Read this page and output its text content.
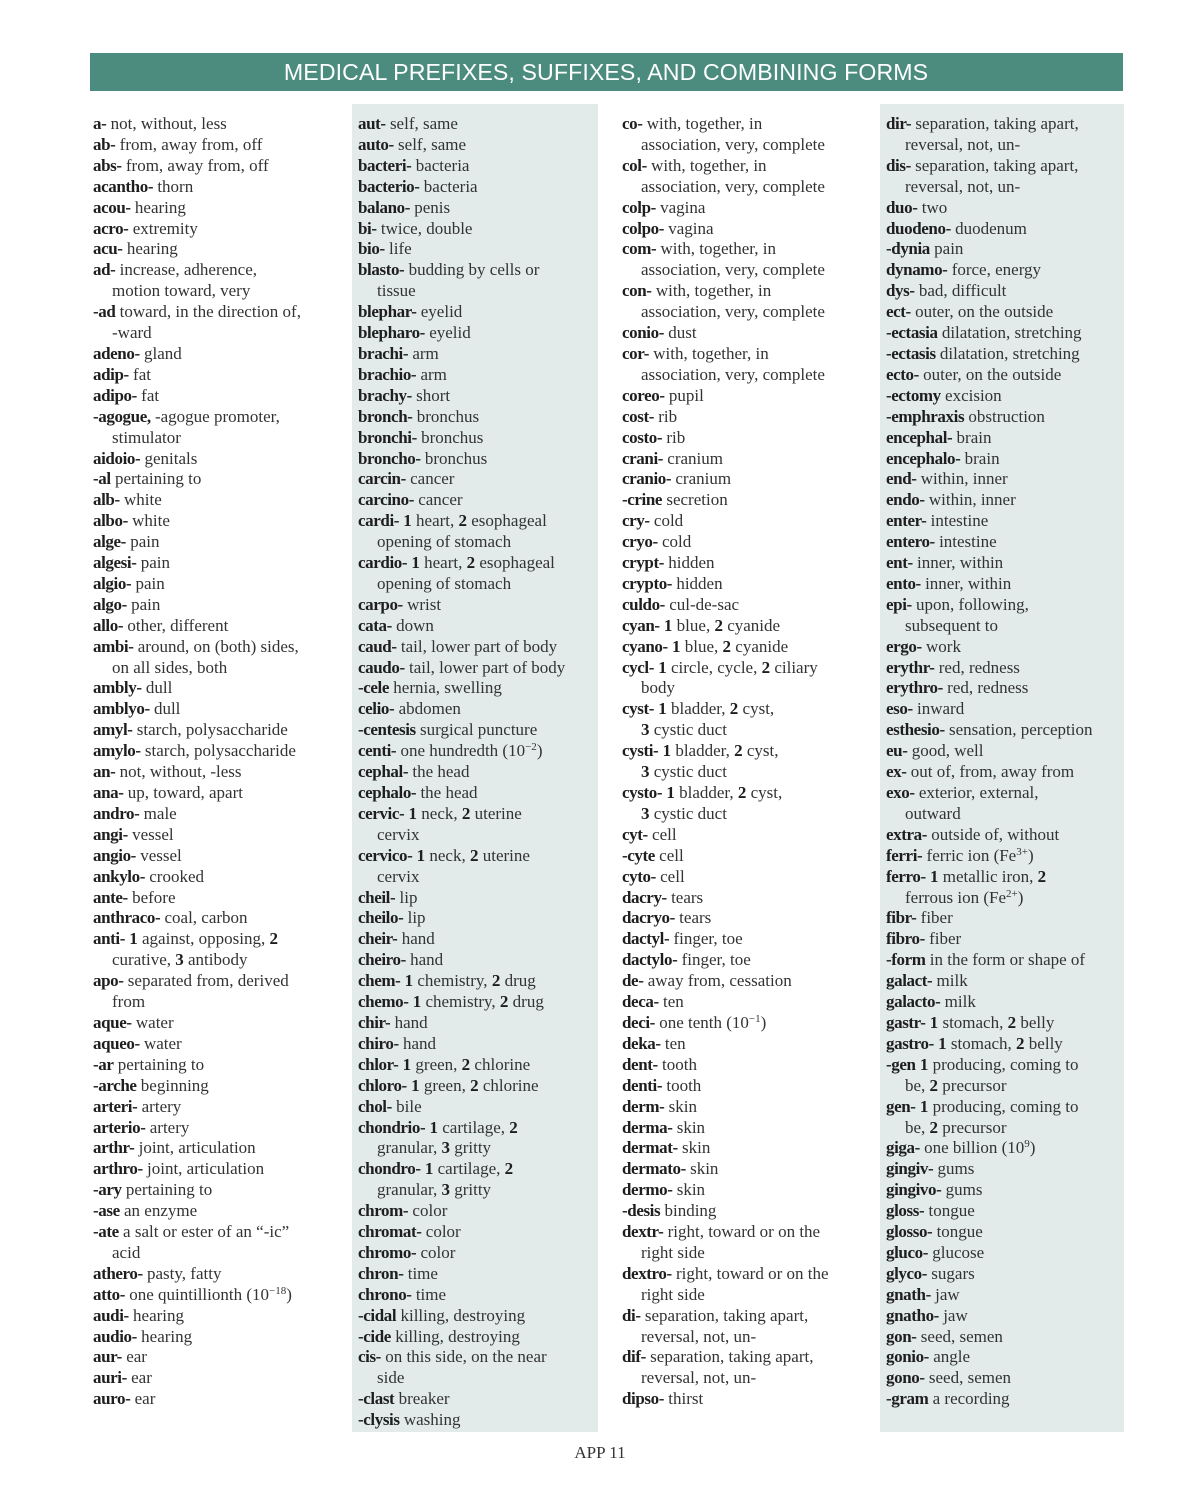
MEDICAL PREFIXES, SUFFIXES, AND COMBINING FORMS
a- not, without, less
ab- from, away from, off
abs- from, away from, off
acantho- thorn
acou- hearing
acro- extremity
acu- hearing
ad- increase, adherence,
motion toward, very
-ad toward, in the direction of,
-ward
adeno- gland
adip- fat
adipo- fat
-agogue, -agogue promoter,
stimulator
aidoio- genitals
-al pertaining to
alb- white
albo- white
alge- pain
algesi- pain
algio- pain
algo- pain
allo- other, different
ambi- around, on (both) sides,
on all sides, both
ambly- dull
amblyo- dull
amyl- starch, polysaccharide
amylo- starch, polysaccharide
an- not, without, -less
ana- up, toward, apart
andro- male
angi- vessel
angio- vessel
ankylo- crooked
ante- before
anthraco- coal, carbon
anti- 1 against, opposing, 2
curative, 3 antibody
apo- separated from, derived
from
aque- water
aqueo- water
-ar pertaining to
-arche beginning
arteri- artery
arterio- artery
arthr- joint, articulation
arthro- joint, articulation
-ary pertaining to
-ase an enzyme
-ate a salt or ester of an “-ic”
acid
athero- pasty, fatty
atto- one quintillionth $(10^{-18})$
audi- hearing
audio- hearing
aur- ear
auri- ear
auro- ear
aut- self, same
auto- self, same
bacteri- bacteria
bacterio- bacteria
balano- penis
bi- twice, double
bio- life
blasto- budding by cells or
tissue
blephar- eyelid
blepharo- eyelid
brachi- arm
brachio- arm
brachy- short
bronch- bronchus
bronchi- bronchus
broncho- bronchus
carcin- cancer
carcino- cancer
cardi- 1 heart, 2 esophageal
opening of stomach
cardio- 1 heart, 2 esophageal
opening of stomach
carpo- wrist
cata- down
caud- tail, lower part of body
caudo- tail, lower part of body
-cele hernia, swelling
celio- abdomen
-centesis surgical puncture
centi- one hundredth $(10^{-2})$
cephal- the head
cephalo- the head
cervic- 1 neck, 2 uterine
cervix
cervico- 1 neck, 2 uterine
cervix
cheil- lip
cheilo- lip
cheir- hand
cheiro- hand
chem- 1 chemistry, 2 drug
chemo- 1 chemistry, 2 drug
chir- hand
chiro- hand
chlor- 1 green, 2 chlorine
chloro- 1 green, 2 chlorine
chol- bile
chondrio- 1 cartilage, 2
granular, 3 gritty
chondro- 1 cartilage, 2
granular, 3 gritty
chrom- color
chromat- color
chromo- color
chron- time
chrono- time
-cidal killing, destroying
-cide killing, destroying
cis- on this side, on the near
side
-clast breaker
-clysis washing
co- with, together, in
association, very, complete
col- with, together, in
association, very, complete
colp- vagina
colpo- vagina
com- with, together, in
association, very, complete
con- with, together, in
association, very, complete
conio- dust
cor- with, together, in
association, very, complete
coreo- pupil
cost- rib
costo- rib
crani- cranium
cranio- cranium
-crine secretion
cry- cold
cryo- cold
crypt- hidden
crypto- hidden
culdo- cul-de-sac
cyan- 1 blue, 2 cyanide
cyano- 1 blue, 2 cyanide
cycl- 1 circle, cycle, 2 ciliary
body
cyst- 1 bladder, 2 cyst,
3 cystic duct
cysti- 1 bladder, 2 cyst,
3 cystic duct
cysto- 1 bladder, 2 cyst,
3 cystic duct
cyt- cell
-cyte cell
cyto- cell
dacry- tears
dacryo- tears
dactyl- finger, toe
dactylo- finger, toe
de- away from, cessation
deca- ten
deci- one tenth $(10^{-1})$
deka- ten
dent- tooth
denti- tooth
derm- skin
derma- skin
dermat- skin
dermato- skin
dermo- skin
-desis binding
dextr- right, toward or on the
right side
dextro- right, toward or on the
right side
di- separation, taking apart,
reversal, not, un-
dif- separation, taking apart,
reversal, not, un-
dipso- thirst
dir- separation, taking apart,
reversal, not, un-
dis- separation, taking apart,
reversal, not, un-
duo- two
duodeno- duodenum
-dynia pain
dynamo- force, energy
dys- bad, difficult
ect- outer, on the outside
-ectasia dilatation, stretching
-ectasis dilatation, stretching
ecto- outer, on the outside
-ectomy excision
-emphraxis obstruction
encephal- brain
encephalo- brain
end- within, inner
endo- within, inner
enter- intestine
entero- intestine
ent- inner, within
ento- inner, within
epi- upon, following,
subsequent to
ergo- work
erythr- red, redness
erythro- red, redness
eso- inward
esthesio- sensation, perception
eu- good, well
ex- out of, from, away from
exo- exterior, external,
outward
extra- outside of, without
ferri- ferric ion $(Fe^{3+})$
ferro- 1 metallic iron, 2
ferrous ion $(Fe^{2+})$
fibr- fiber
fibro- fiber
-form in the form or shape of
galact- milk
galacto- milk
gastr- 1 stomach, 2 belly
gastro- 1 stomach, 2 belly
-gen 1 producing, coming to
be, 2 precursor
gen- 1 producing, coming to
be, 2 precursor
giga- one billion $(10^9)$
gingiv- gums
gingivo- gums
gloss- tongue
glosso- tongue
gluco- glucose
glyco- sugars
gnath- jaw
gnatho- jaw
gon- seed, semen
gonio- angle
gono- seed, semen
-gram a recording
APP 11
